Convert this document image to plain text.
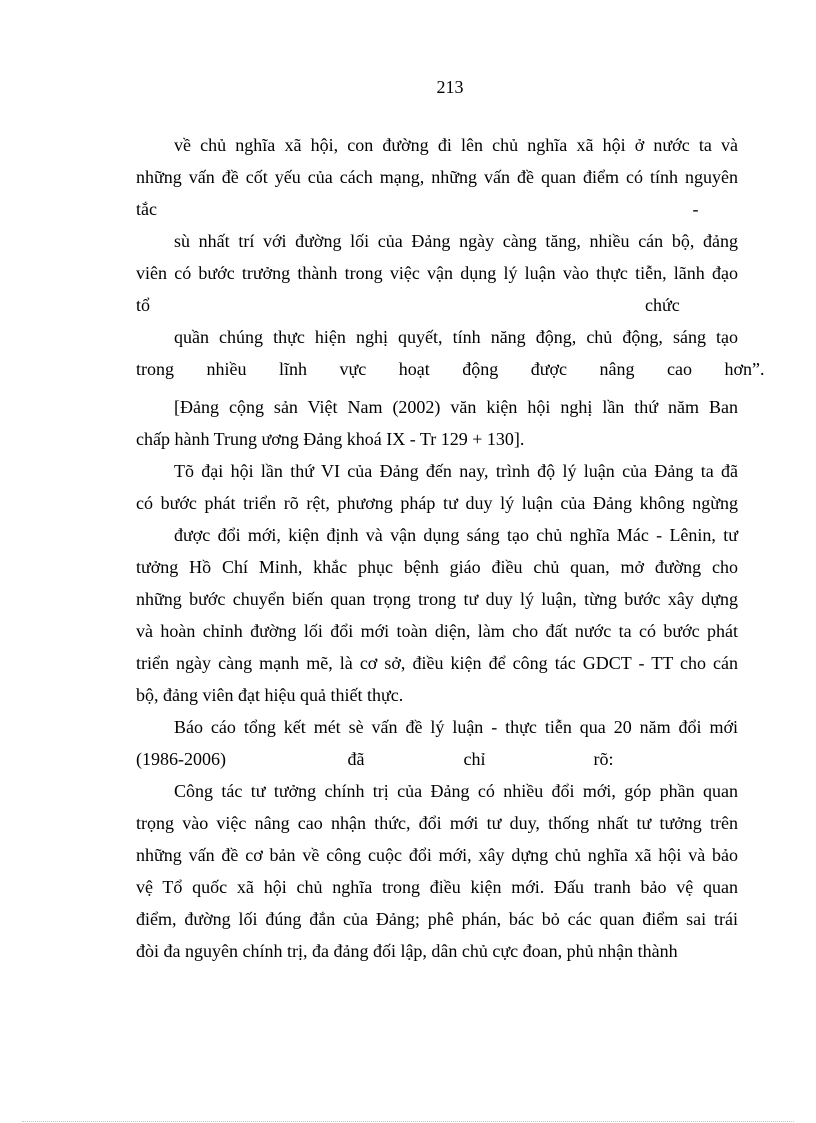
213
về chủ nghĩa xã hội, con đường đi lên chủ nghĩa xã hội ở nước ta và
những vấn đề cốt yếu của cách mạng, những vấn đề quan điểm có tính nguyên
tắc                                                                                                                       -
sù nhất trí với đường lối của Đảng ngày càng tăng, nhiều cán bộ, đảng
viên có bước trưởng thành trong việc vận dụng lý luận vào thực tiễn, lãnh đạo
tổ                                                                                                              chức
quần chúng thực hiện nghị quyết, tính năng động, chủ động, sáng tạo
trong nhiều lĩnh vực hoạt động được nâng cao hơn”.
[Đảng cộng sản Việt Nam (2002) văn kiện hội nghị lần thứ năm Ban
chấp hành Trung ương Đảng khoá IX - Tr 129 + 130].
Tõ đại hội lần thứ VI của Đảng đến nay, trình độ lý luận của Đảng ta đã
có bước phát triển rõ rệt, phương pháp tư duy lý luận của Đảng không ngừng
được đổi mới, kiện định và vận dụng sáng tạo chủ nghĩa Mác - Lênin, tư
tưởng Hồ Chí Minh, khắc phục bệnh giáo điều chủ quan, mở đường cho
những bước chuyển biến quan trọng trong tư duy lý luận, từng bước xây dựng
và hoàn chỉnh đường lối đổi mới toàn diện, làm cho đất nước ta có bước phát
triển ngày càng mạnh mẽ, là cơ sở, điều kiện để công tác GDCT - TT cho cán
bộ, đảng viên đạt hiệu quả thiết thực.
Báo cáo tổng kết mét sè vấn đề lý luận - thực tiễn qua 20 năm đổi mới
(1986-2006)                           đã                      chỉ                        rõ:
Công tác tư tưởng chính trị của Đảng có nhiều đổi mới, góp phần quan
trọng vào việc nâng cao nhận thức, đổi mới tư duy, thống nhất tư tưởng trên
những vấn đề cơ bản về công cuộc đổi mới, xây dựng chủ nghĩa xã hội và bảo
vệ Tổ quốc xã hội chủ nghĩa trong điều kiện mới. Đấu tranh bảo vệ quan
điểm, đường lối đúng đắn của Đảng; phê phán, bác bỏ các quan điểm sai trái
đòi đa nguyên chính trị, đa đảng đối lập, dân chủ cực đoan, phủ nhận thành
